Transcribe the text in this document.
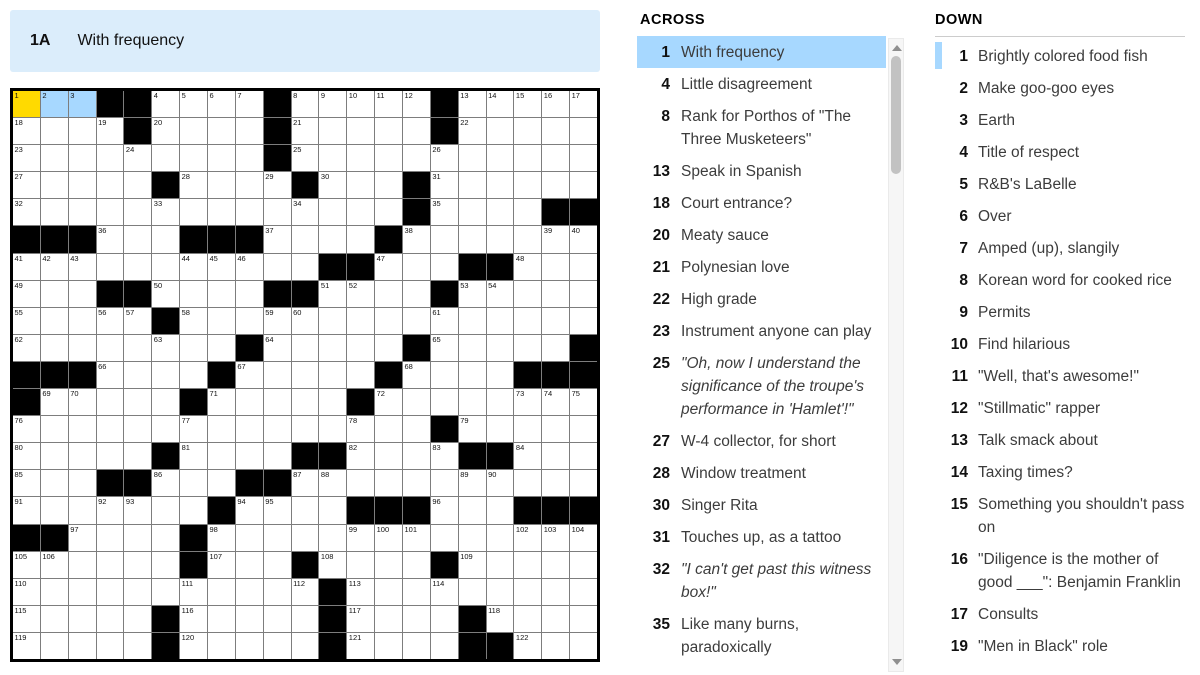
1A With frequency
1	2	3	4	5	6	7	8	9	10	11	12	13	14	15	16	17
18	19	20	21	22
23	24	25	26
27	28	29	30	31
32	33	34	35
36	37	38	39	40
41	42	43	44	45	46	47	48
49	50	51	52	53	54
55	56	57	58	59	60	61
62	63	64	65
66	67	68
69	70	71	72	73	74	75
76	77	78	79
80	81	82	83	84
85	86	87	88	89	90
91	92	93	94	95	96
97	98	99	100 101	102 103 104
105 106	107	108	109
110	111	112	113	114
115	116	117	118
119	120	121	122
ACROSS
1 With frequency
4 Little disagreement
8 Rank for Porthos of "The Three Musketeers"
13 Speak in Spanish
18 Court entrance?
20 Meaty sauce
21 Polynesian love
22 High grade
23 Instrument anyone can play
25 "Oh, now I understand the significance of the troupe's performance in 'Hamlet'!"
27 W-4 collector, for short
28 Window treatment
30 Singer Rita
31 Touches up, as a tattoo
32 "I can't get past this witness box!"
35 Like many burns, paradoxically
DOWN
1 Brightly colored food fish
2 Make goo-goo eyes
3 Earth
4 Title of respect
5 R&B's LaBelle
6 Over
7 Amped (up), slangily
8 Korean word for cooked rice
9 Permits
10 Find hilarious
11 "Well, that's awesome!"
12 "Stillmatic" rapper
13 Talk smack about
14 Taxing times?
15 Something you shouldn't pass on
16 "Diligence is the mother of good ___": Benjamin Franklin
17 Consults
19 "Men in Black" role
